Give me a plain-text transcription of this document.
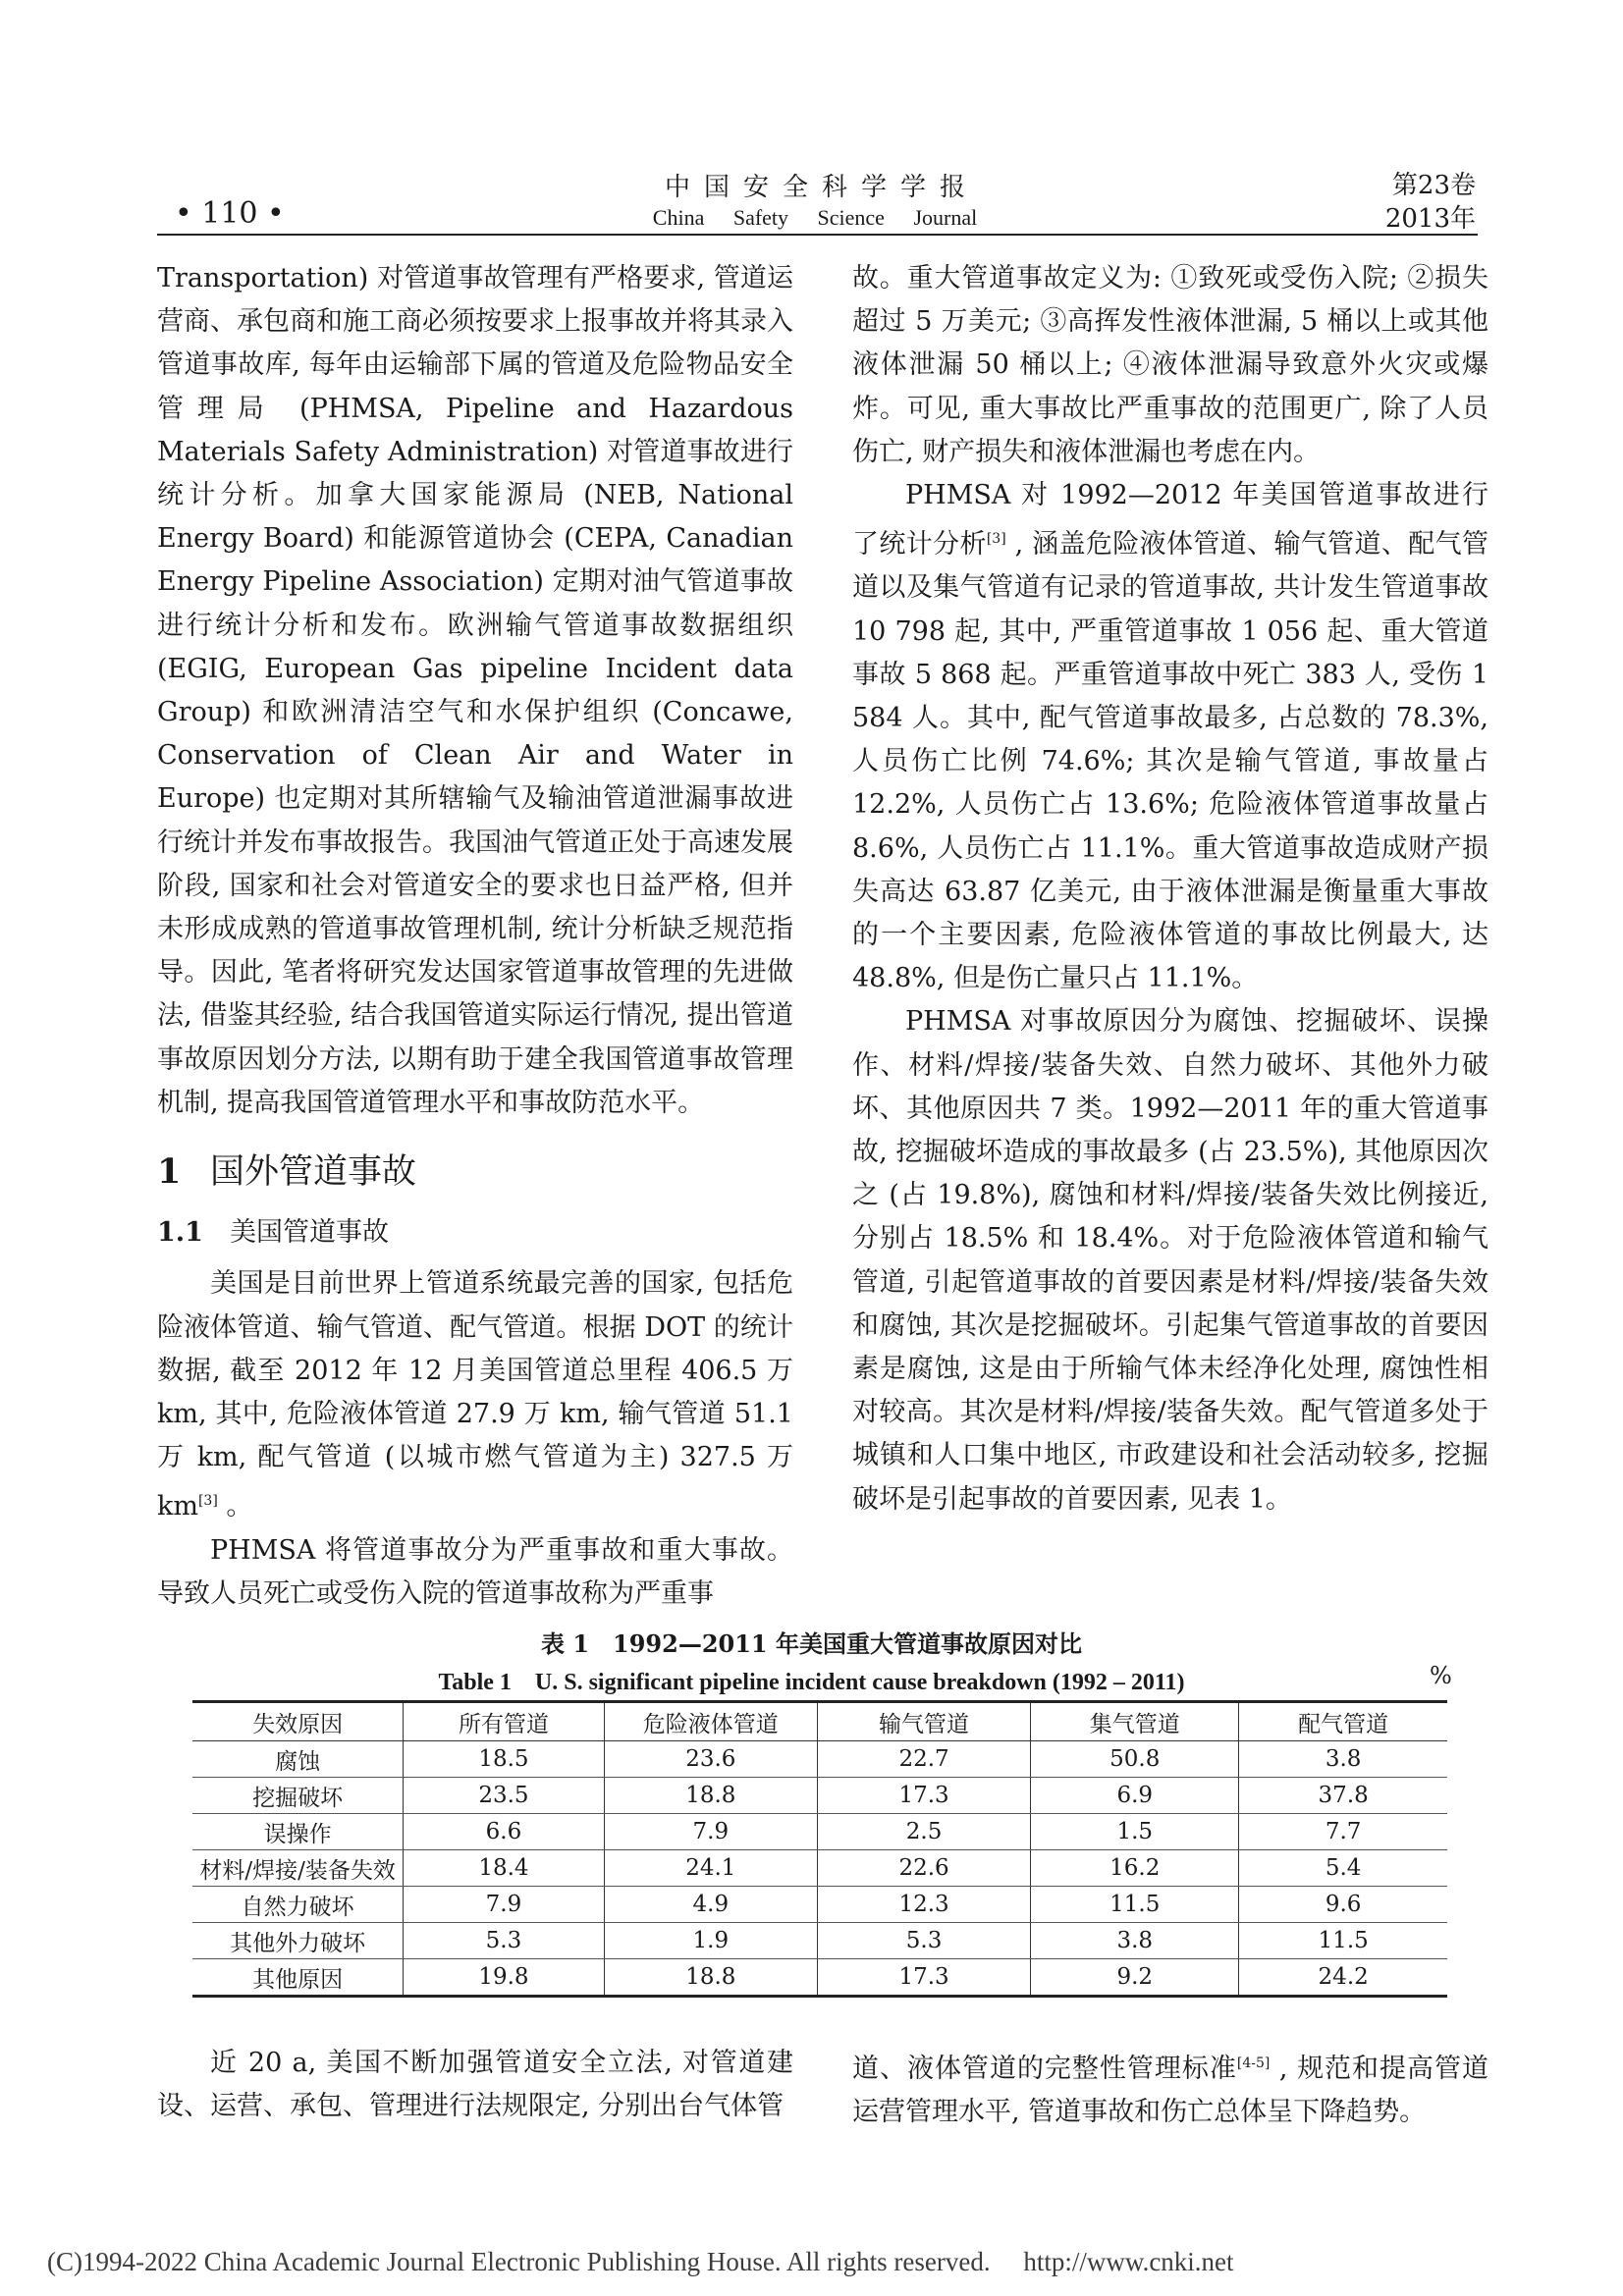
• 110 •
中国安全科学学报
China Safety Science Journal
第23卷
2013年

Transportation) 对管道事故管理有严格要求, 管道运营商、承包商和施工商必须按要求上报事故并将其录入管道事故库, 每年由运输部下属的管道及危险物品安全管理局 (PHMSA, Pipeline and Hazardous Materials Safety Administration) 对管道事故进行统计分析。加拿大国家能源局 (NEB, National Energy Board) 和能源管道协会 (CEPA, Canadian Energy Pipeline Association) 定期对油气管道事故进行统计分析和发布。欧洲输气管道事故数据组织 (EGIG, European Gas pipeline Incident data Group) 和欧洲清洁空气和水保护组织 (Concawe, Conservation of Clean Air and Water in Europe) 也定期对其所辖输气及输油管道泄漏事故进行统计并发布事故报告。我国油气管道正处于高速发展阶段, 国家和社会对管道安全的要求也日益严格, 但并未形成成熟的管道事故管理机制, 统计分析缺乏规范指导。因此, 笔者将研究发达国家管道事故管理的先进做法, 借鉴其经验, 结合我国管道实际运行情况, 提出管道事故原因划分方法, 以期有助于建全我国管道事故管理机制, 提高我国管道管理水平和事故防范水平。

1 国外管道事故
1.1 美国管道事故

美国是目前世界上管道系统最完善的国家, 包括危险液体管道、输气管道、配气管道。根据 DOT 的统计数据, 截至 2012 年 12 月美国管道总里程 406.5 万 km, 其中, 危险液体管道 27.9 万 km, 输气管道 51.1 万 km, 配气管道 (以城市燃气管道为主) 327.5 万 km[3] 。

PHMSA 将管道事故分为严重事故和重大事故。导致人员死亡或受伤入院的管道事故称为严重事

故。重大管道事故定义为: ①致死或受伤入院; ②损失超过 5 万美元; ③高挥发性液体泄漏, 5 桶以上或其他液体泄漏 50 桶以上; ④液体泄漏导致意外火灾或爆炸。可见, 重大事故比严重事故的范围更广, 除了人员伤亡, 财产损失和液体泄漏也考虑在内。

PHMSA 对 1992—2012 年美国管道事故进行了统计分析[3] , 涵盖危险液体管道、输气管道、配气管道以及集气管道有记录的管道事故, 共计发生管道事故 10 798 起, 其中, 严重管道事故 1 056 起、重大管道事故 5 868 起。严重管道事故中死亡 383 人, 受伤 1 584 人。其中, 配气管道事故最多, 占总数的 78.3%, 人员伤亡比例 74.6%; 其次是输气管道, 事故量占 12.2%, 人员伤亡占 13.6%; 危险液体管道事故量占 8.6%, 人员伤亡占 11.1%。重大管道事故造成财产损失高达 63.87 亿美元, 由于液体泄漏是衡量重大事故的一个主要因素, 危险液体管道的事故比例最大, 达 48.8%, 但是伤亡量只占 11.1%。

PHMSA 对事故原因分为腐蚀、挖掘破坏、误操作、材料/焊接/装备失效、自然力破坏、其他外力破坏、其他原因共 7 类。1992—2011 年的重大管道事故, 挖掘破坏造成的事故最多 (占 23.5%), 其他原因次之 (占 19.8%), 腐蚀和材料/焊接/装备失效比例接近, 分别占 18.5% 和 18.4%。对于危险液体管道和输气管道, 引起管道事故的首要因素是材料/焊接/装备失效和腐蚀, 其次是挖掘破坏。引起集气管道事故的首要因素是腐蚀, 这是由于所输气体未经净化处理, 腐蚀性相对较高。其次是材料/焊接/装备失效。配气管道多处于城镇和人口集中地区, 市政建设和社会活动较多, 挖掘破坏是引起事故的首要因素, 见表 1。

表 1　1992—2011 年美国重大管道事故原因对比
Table 1　U. S. significant pipeline incident cause breakdown (1992 – 2011)	%
失效原因	所有管道	危险液体管道	输气管道	集气管道	配气管道
腐蚀	18.5	23.6	22.7	50.8	3.8
挖掘破坏	23.5	18.8	17.3	6.9	37.8
误操作	6.6	7.9	2.5	1.5	7.7
材料/焊接/装备失效	18.4	24.1	22.6	16.2	5.4
自然力破坏	7.9	4.9	12.3	11.5	9.6
其他外力破坏	5.3	1.9	5.3	3.8	11.5
其他原因	19.8	18.8	17.3	9.2	24.2

近 20 a, 美国不断加强管道安全立法, 对管道建设、运营、承包、管理进行法规限定, 分别出台气体管

道、液体管道的完整性管理标准[4-5] , 规范和提高管道运营管理水平, 管道事故和伤亡总体呈下降趋势。

(C)1994-2022 China Academic Journal Electronic Publishing House. All rights reserved.　 http://www.cnki.net
